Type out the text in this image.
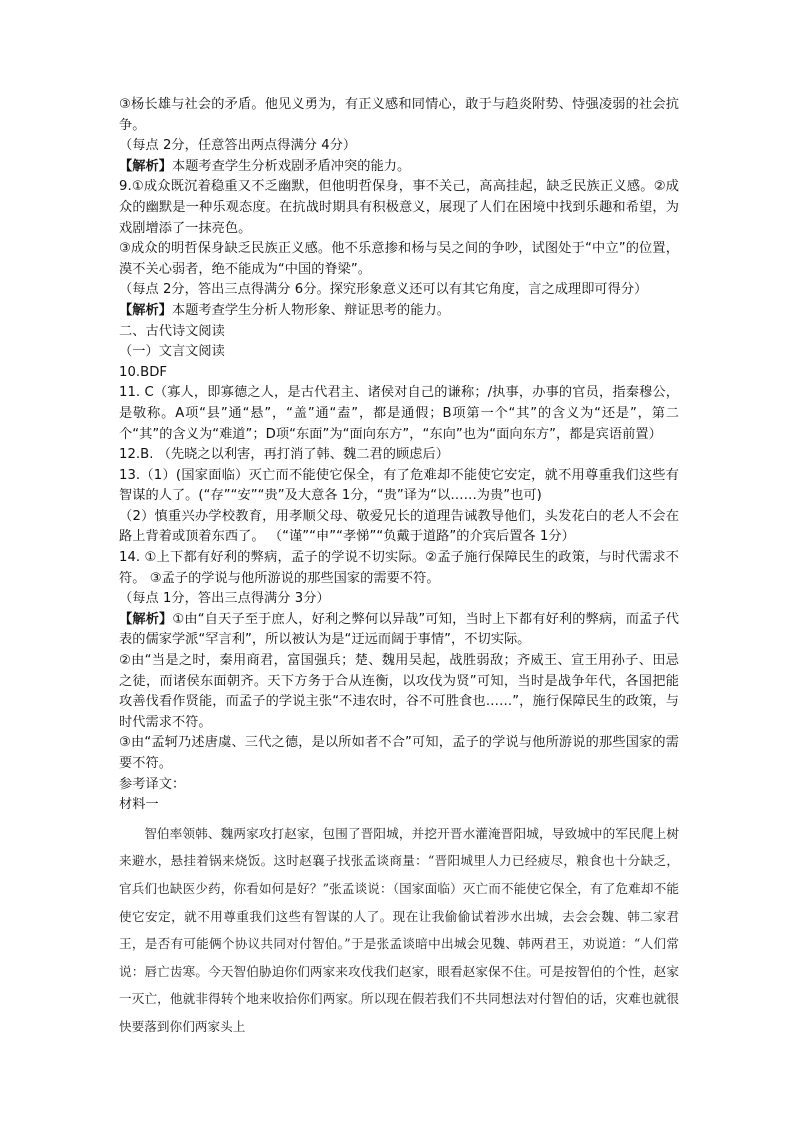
③杨长雄与社会的矛盾。他见义勇为，有正义感和同情心，敢于与趋炎附势、恃强凌弱的社会抗争。

（每点 2分，任意答出两点得满分 4分）

【解析】本题考查学生分析戏剧矛盾冲突的能力。

9.①成众既沉着稳重又不乏幽默，但他明哲保身，事不关己，高高挂起，缺乏民族正义感。②成众的幽默是一种乐观态度。在抗战时期具有积极意义，展现了人们在困境中找到乐趣和希望，为戏剧增添了一抹亮色。

③成众的明哲保身缺乏民族正义感。他不乐意掺和杨与吴之间的争吵，试图处于“中立”的位置，漠不关心弱者，绝不能成为“中国的脊梁”。

（每点 2分，答出三点得满分 6分。探究形象意义还可以有其它角度，言之成理即可得分）

【解析】本题考查学生分析人物形象、辩证思考的能力。

二、古代诗文阅读

（一）文言文阅读

10.BDF

11. C（寡人，即寡德之人，是古代君主、诸侯对自己的谦称；/执事，办事的官员，指秦穆公，是敬称。A项“县”通“悬”，“盖”通“盍”，都是通假；B项第一个“其”的含义为“还是”，第二个“其”的含义为“难道”；D项“东面”为“面向东方”，“东向”也为“面向东方”，都是宾语前置）

12.B. （先晓之以利害，再打消了韩、魏二君的顾虑后）

13.（1）(国家面临）灭亡而不能使它保全，有了危难却不能使它安定，就不用尊重我们这些有智谋的人了。(“存”“安”“贵”及大意各 1分，“贵”译为“以……为贵”也可)

（2）慎重兴办学校教育，用孝顺父母、敬爱兄长的道理告诫教导他们，头发花白的老人不会在路上背着或顶着东西了。 （“谨”“申”“孝悌”“负戴于道路”的介宾后置各 1分）

14. ①上下都有好利的弊病，孟子的学说不切实际。②孟子施行保障民生的政策，与时代需求不符。 ③孟子的学说与他所游说的那些国家的需要不符。

（每点 1分，答出三点得满分 3分）

【解析】①由“自天子至于庶人，好利之弊何以异哉”可知，当时上下都有好利的弊病，而孟子代表的儒家学派“罕言利”，所以被认为是“迂远而阔于事情”，不切实际。

②由“当是之时，秦用商君，富国强兵；楚、魏用吴起，战胜弱敌；齐威王、宣王用孙子、田忌之徒，而诸侯东面朝齐。天下方务于合从连衡，以攻伐为贤”可知，当时是战争年代，各国把能攻善伐看作贤能，而孟子的学说主张“不违农时，谷不可胜食也……”，施行保障民生的政策，与时代需求不符。

③由“孟轲乃述唐虞、三代之德，是以所如者不合”可知，孟子的学说与他所游说的那些国家的需要不符。

参考译文：

材料一

智伯率领韩、魏两家攻打赵家，包围了晋阳城，并挖开晋水灌淹晋阳城，导致城中的军民爬上树来避水，悬挂着锅来烧饭。这时赵襄子找张孟谈商量：“晋阳城里人力已经疲尽，粮食也十分缺乏，官兵们也缺医少药，你看如何是好？”张孟谈说：（国家面临）灭亡而不能使它保全，有了危难却不能使它安定，就不用尊重我们这些有智谋的人了。现在让我偷偷试着涉水出城，去会会魏、韩二家君王，是否有可能俩个协议共同对付智伯。”于是张孟谈暗中出城会见魏、韩两君王，劝说道：“人们常说：唇亡齿寒。今天智伯胁迫你们两家来攻伐我们赵家，眼看赵家保不住。可是按智伯的个性，赵家一灭亡，他就非得转个地来收拾你们两家。所以现在假若我们不共同想法对付智伯的话，灾难也就很快要落到你们两家头上
